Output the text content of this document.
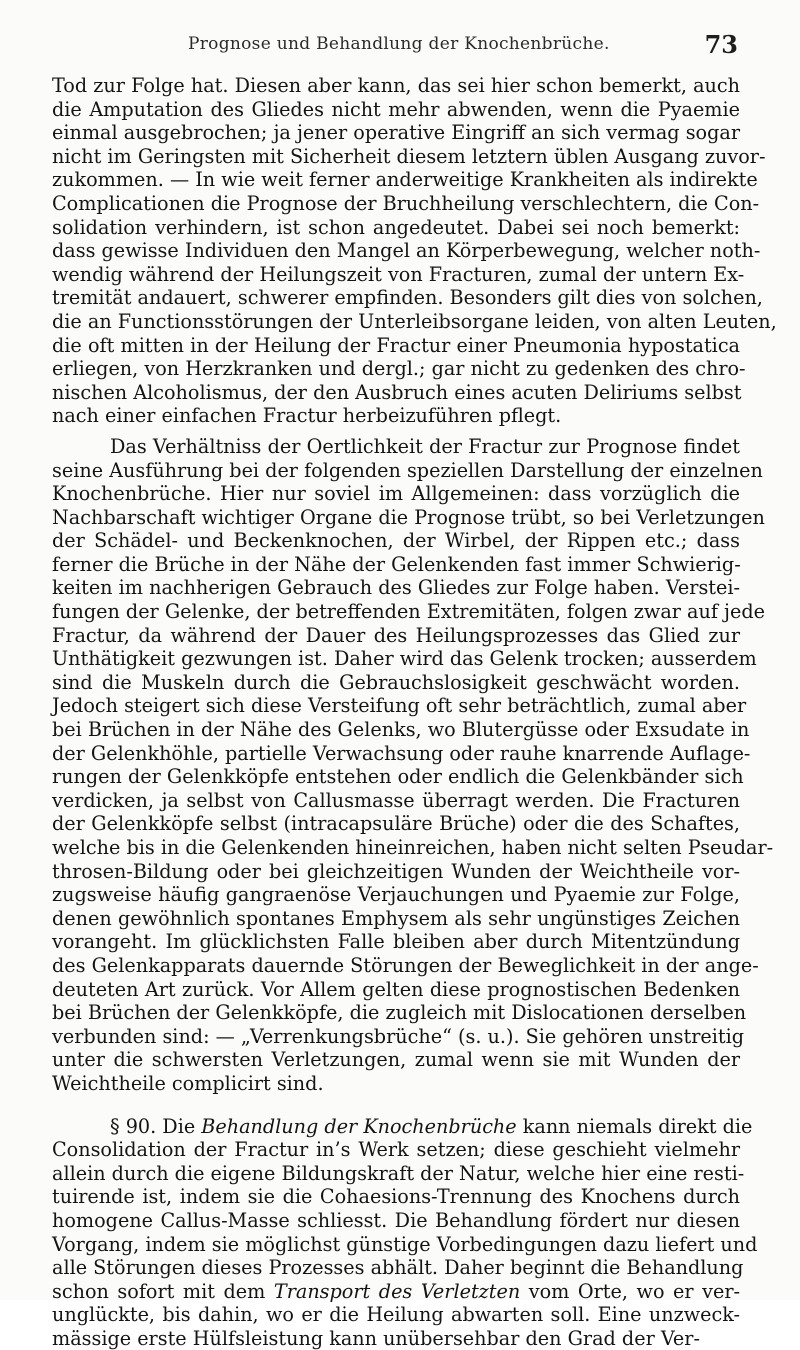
Prognose und Behandlung der Knochenbrüche.	73
Tod zur Folge hat. Diesen aber kann, das sei hier schon bemerkt, auch
die Amputation des Gliedes nicht mehr abwenden, wenn die Pyaemie
einmal ausgebrochen; ja jener operative Eingriff an sich vermag sogar
nicht im Geringsten mit Sicherheit diesem letztern üblen Ausgang zuvor-
zukommen. — In wie weit ferner anderweitige Krankheiten als indirekte
Complicationen die Prognose der Bruchheilung verschlechtern, die Con-
solidation verhindern, ist schon angedeutet. Dabei sei noch bemerkt:
dass gewisse Individuen den Mangel an Körperbewegung, welcher noth-
wendig während der Heilungszeit von Fracturen, zumal der untern Ex-
tremität andauert, schwerer empfinden. Besonders gilt dies von solchen,
die an Functionsstörungen der Unterleibsorgane leiden, von alten Leuten,
die oft mitten in der Heilung der Fractur einer Pneumonia hypostatica
erliegen, von Herzkranken und dergl.; gar nicht zu gedenken des chro-
nischen Alcoholismus, der den Ausbruch eines acuten Deliriums selbst
nach einer einfachen Fractur herbeizuführen pflegt.
Das Verhältniss der Oertlichkeit der Fractur zur Prognose findet
seine Ausführung bei der folgenden speziellen Darstellung der einzelnen
Knochenbrüche. Hier nur soviel im Allgemeinen: dass vorzüglich die
Nachbarschaft wichtiger Organe die Prognose trübt, so bei Verletzungen
der Schädel- und Beckenknochen, der Wirbel, der Rippen etc.; dass
ferner die Brüche in der Nähe der Gelenkenden fast immer Schwierig-
keiten im nachherigen Gebrauch des Gliedes zur Folge haben. Verstei-
fungen der Gelenke, der betreffenden Extremitäten, folgen zwar auf jede
Fractur, da während der Dauer des Heilungsprozesses das Glied zur
Unthätigkeit gezwungen ist. Daher wird das Gelenk trocken; ausserdem
sind die Muskeln durch die Gebrauchslosigkeit geschwächt worden.
Jedoch steigert sich diese Versteifung oft sehr beträchtlich, zumal aber
bei Brüchen in der Nähe des Gelenks, wo Blutergüsse oder Exsudate in
der Gelenkhöhle, partielle Verwachsung oder rauhe knarrende Auflage-
rungen der Gelenkköpfe entstehen oder endlich die Gelenkbänder sich
verdicken, ja selbst von Callusmasse überragt werden. Die Fracturen
der Gelenkköpfe selbst (intracapsuläre Brüche) oder die des Schaftes,
welche bis in die Gelenkenden hineinreichen, haben nicht selten Pseudar-
throsen-Bildung oder bei gleichzeitigen Wunden der Weichtheile vor-
zugsweise häufig gangraenöse Verjauchungen und Pyaemie zur Folge,
denen gewöhnlich spontanes Emphysem als sehr ungünstiges Zeichen
vorangeht. Im glücklichsten Falle bleiben aber durch Mitentzündung
des Gelenkapparats dauernde Störungen der Beweglichkeit in der ange-
deuteten Art zurück. Vor Allem gelten diese prognostischen Bedenken
bei Brüchen der Gelenkköpfe, die zugleich mit Dislocationen derselben
verbunden sind: — „Verrenkungsbrüche“ (s. u.). Sie gehören unstreitig
unter die schwersten Verletzungen, zumal wenn sie mit Wunden der
Weichtheile complicirt sind.
§ 90. Die Behandlung der Knochenbrüche kann niemals direkt die
Consolidation der Fractur in’s Werk setzen; diese geschieht vielmehr
allein durch die eigene Bildungskraft der Natur, welche hier eine resti-
tuirende ist, indem sie die Cohaesions-Trennung des Knochens durch
homogene Callus-Masse schliesst. Die Behandlung fördert nur diesen
Vorgang, indem sie möglichst günstige Vorbedingungen dazu liefert und
alle Störungen dieses Prozesses abhält. Daher beginnt die Behandlung
schon sofort mit dem Transport des Verletzten vom Orte, wo er ver-
unglückte, bis dahin, wo er die Heilung abwarten soll. Eine unzweck-
mässige erste Hülfsleistung kann unübersehbar den Grad der Ver-
